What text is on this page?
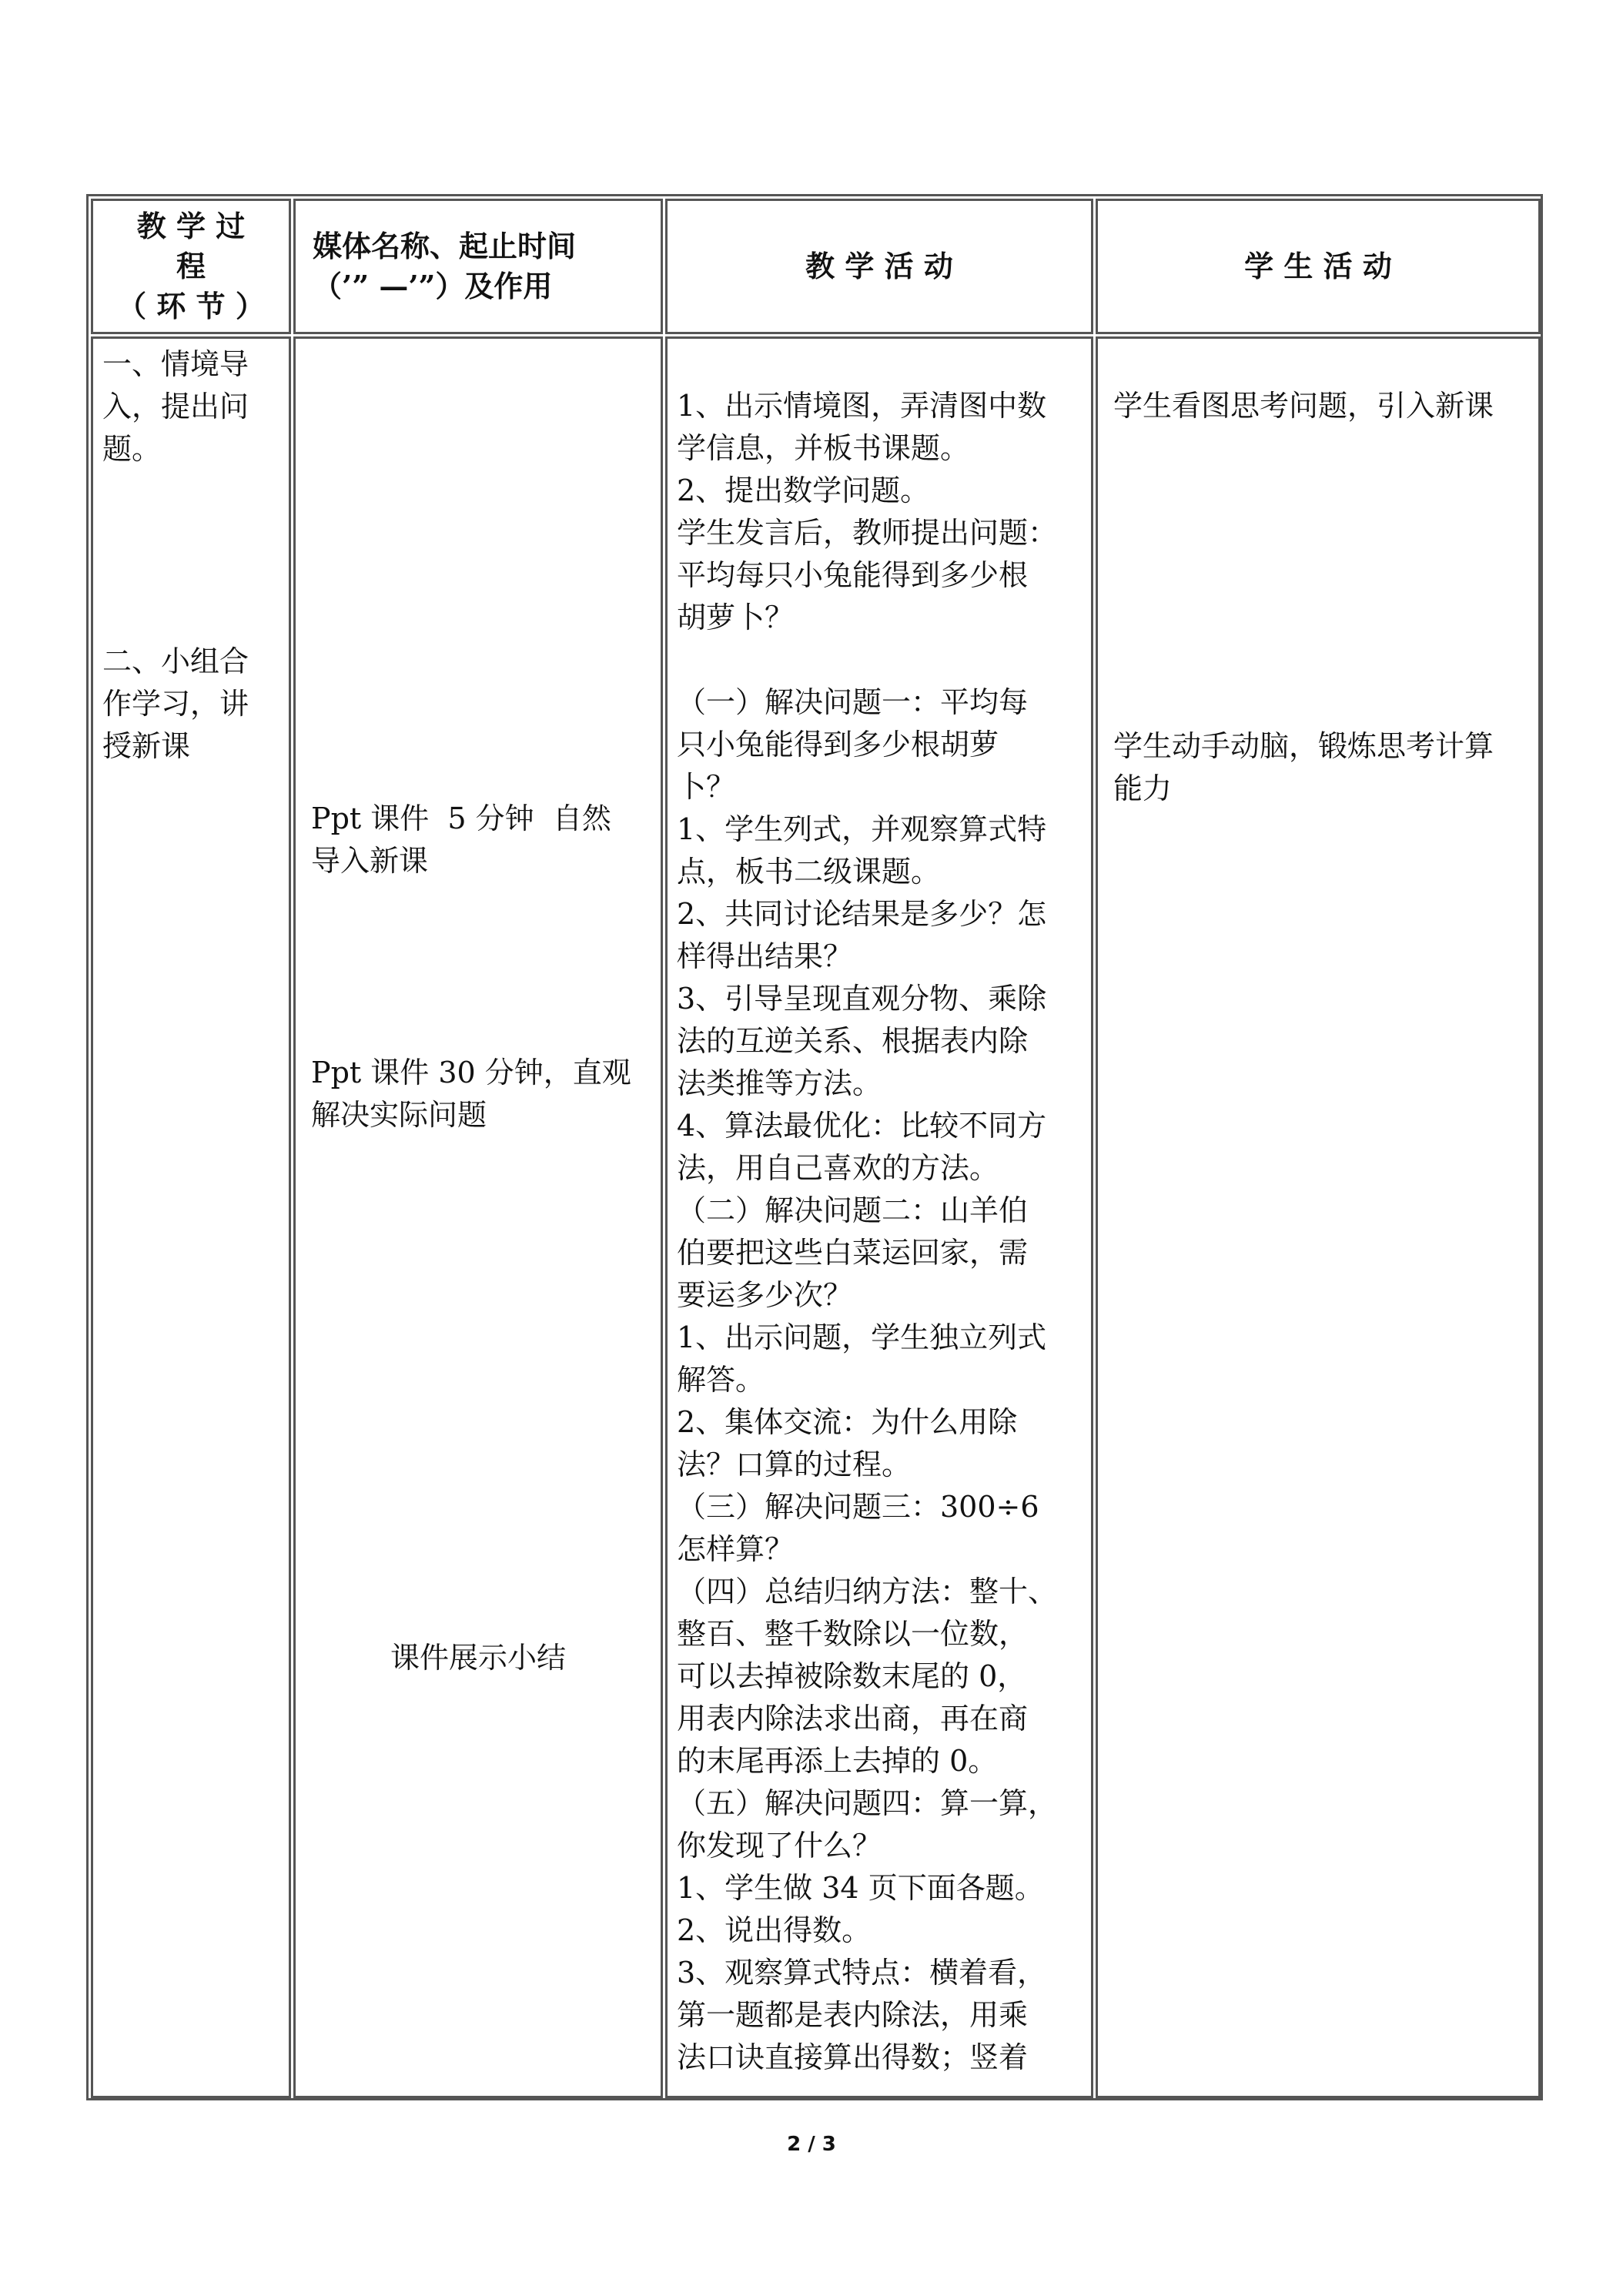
教 学 过
程
（ 环 节 ）
媒体名称、起止时间
（’” —’”）及作用
教 学 活 动	学 生 活 动
一、情境导
入，提出问
题。
二、小组合
作学习，讲
授新课
Ppt 课件  5 分钟  自然
导入新课
Ppt 课件 30 分钟，直观
解决实际问题
课件展示小结
1、出示情境图，弄清图中数
学信息，并板书课题。
2、提出数学问题。
学生发言后，教师提出问题：
平均每只小兔能得到多少根
胡萝卜？
（一）解决问题一：平均每
只小兔能得到多少根胡萝
卜？
1、学生列式，并观察算式特
点，板书二级课题。
2、共同讨论结果是多少？怎
样得出结果？
3、引导呈现直观分物、乘除
法的互逆关系、根据表内除
法类推等方法。
4、算法最优化：比较不同方
法，用自己喜欢的方法。
（二）解决问题二：山羊伯
伯要把这些白菜运回家，需
要运多少次？
1、出示问题，学生独立列式
解答。
2、集体交流：为什么用除
法？口算的过程。
（三）解决问题三：300÷6
怎样算？
（四）总结归纳方法：整十、
整百、整千数除以一位数，
可以去掉被除数末尾的 0，
用表内除法求出商，再在商
的末尾再添上去掉的 0。
（五）解决问题四：算一算，
你发现了什么？
1、学生做 34 页下面各题。
2、说出得数。
3、观察算式特点：横着看，
第一题都是表内除法，用乘
法口诀直接算出得数；竖着
学生看图思考问题，引入新课
学生动手动脑，锻炼思考计算
能力
2 / 3
